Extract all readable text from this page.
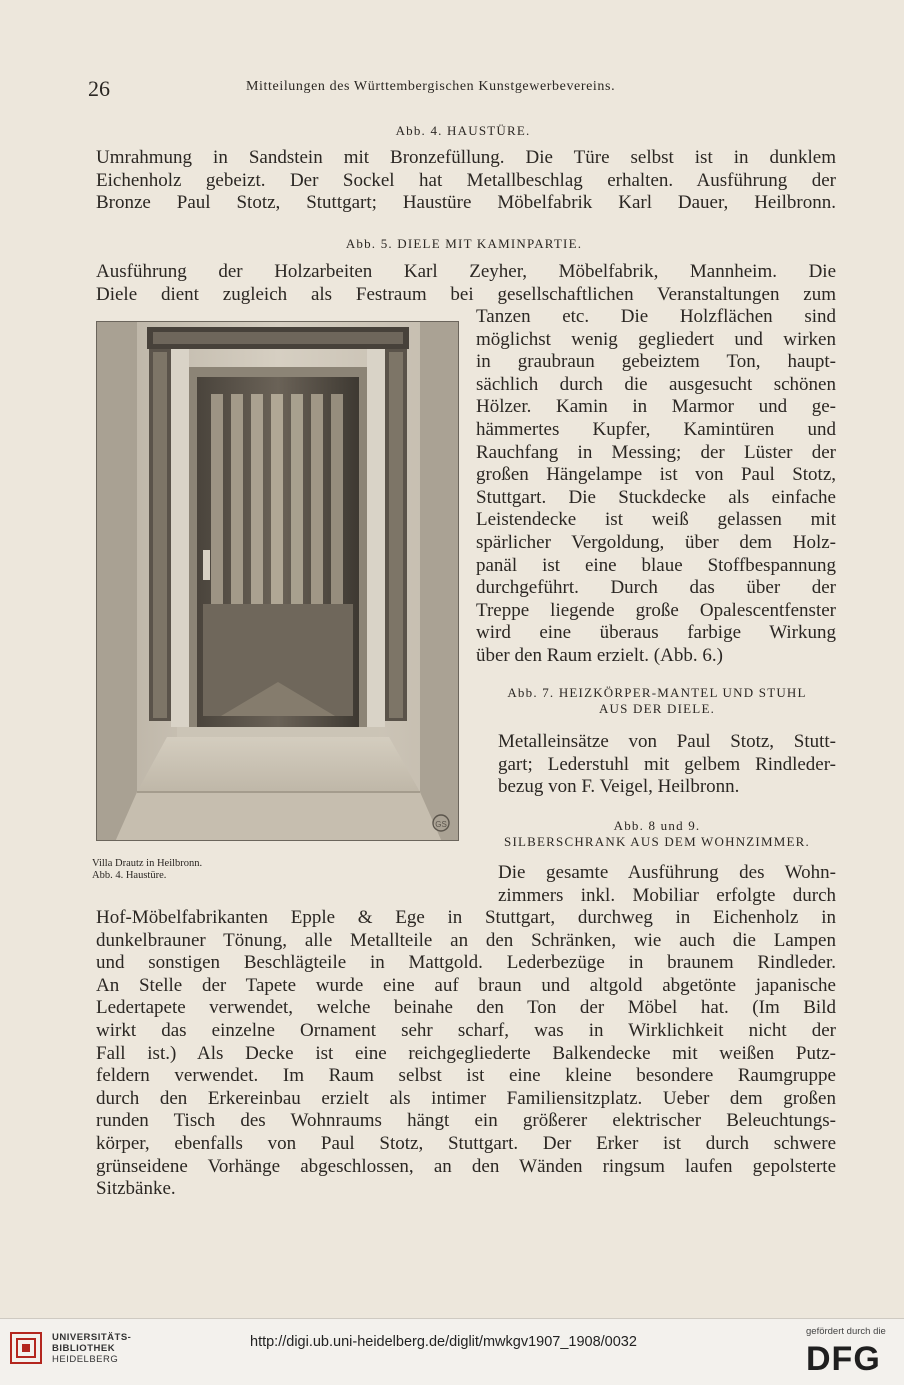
26	Mitteilungen des Württembergischen Kunstgewerbevereins.
Abb. 4. HAUSTÜRE.

Umrahmung in Sandstein mit Bronzefüllung. Die Türe selbst ist in dunklem
Eichenholz gebeizt. Der Sockel hat Metallbeschlag erhalten. Ausführung der
Bronze Paul Stotz, Stuttgart; Haustüre Möbelfabrik Karl Dauer, Heilbronn.

Abb. 5. DIELE MIT KAMINPARTIE.

Ausführung der Holzarbeiten Karl Zeyher, Möbelfabrik, Mannheim. Die
Diele dient zugleich als Festraum bei gesellschaftlichen Veranstaltungen zum

Tanzen etc. Die Holzflächen sind
möglichst wenig gegliedert und wirken
in graubraun gebeiztem Ton, haupt-
sächlich durch die ausgesucht schönen
Hölzer. Kamin in Marmor und ge-
hämmertes Kupfer, Kamintüren und
Rauchfang in Messing; der Lüster der
großen Hängelampe ist von Paul Stotz,
Stuttgart. Die Stuckdecke als einfache
Leistendecke ist weiß gelassen mit
spärlicher Vergoldung, über dem Holz-
panäl ist eine blaue Stoffbespannung
durchgeführt. Durch das über der
Treppe liegende große Opalescentfenster
wird eine überaus farbige Wirkung
über den Raum erzielt. (Abb. 6.)

Abb. 7. HEIZKÖRPER-MANTEL UND STUHL
AUS DER DIELE.

Metalleinsätze von Paul Stotz, Stutt-
gart; Lederstuhl mit gelbem Rindleder-
bezug von F. Veigel, Heilbronn.

Abb. 8 und 9.
SILBERSCHRANK AUS DEM WOHNZIMMER.

Die gesamte Ausführung des Wohn-
zimmers inkl. Mobiliar erfolgte durch

Hof-Möbelfabrikanten Epple & Ege in Stuttgart, durchweg in Eichenholz in
dunkelbrauner Tönung, alle Metallteile an den Schränken, wie auch die Lampen
und sonstigen Beschlägteile in Mattgold. Lederbezüge in braunem Rindleder.
An Stelle der Tapete wurde eine auf braun und altgold abgetönte japanische
Ledertapete verwendet, welche beinahe den Ton der Möbel hat. (Im Bild
wirkt das einzelne Ornament sehr scharf, was in Wirklichkeit nicht der
Fall ist.) Als Decke ist eine reichgegliederte Balkendecke mit weißen Putz-
feldern verwendet. Im Raum selbst ist eine kleine besondere Raumgruppe
durch den Erkereinbau erzielt als intimer Familiensitzplatz. Ueber dem großen
runden Tisch des Wohnraums hängt ein größerer elektrischer Beleuchtungs-
körper, ebenfalls von Paul Stotz, Stuttgart. Der Erker ist durch schwere
grünseidene Vorhänge abgeschlossen, an den Wänden ringsum laufen gepolsterte
Sitzbänke.

GS
Villa Drautz in Heilbronn.
Abb. 4. Haustüre.
UNIVERSITÄTS-
BIBLIOTHEK
HEIDELBERG
http://digi.ub.uni-heidelberg.de/diglit/mwkgv1907_1908/0032
gefördert durch die
DFG
